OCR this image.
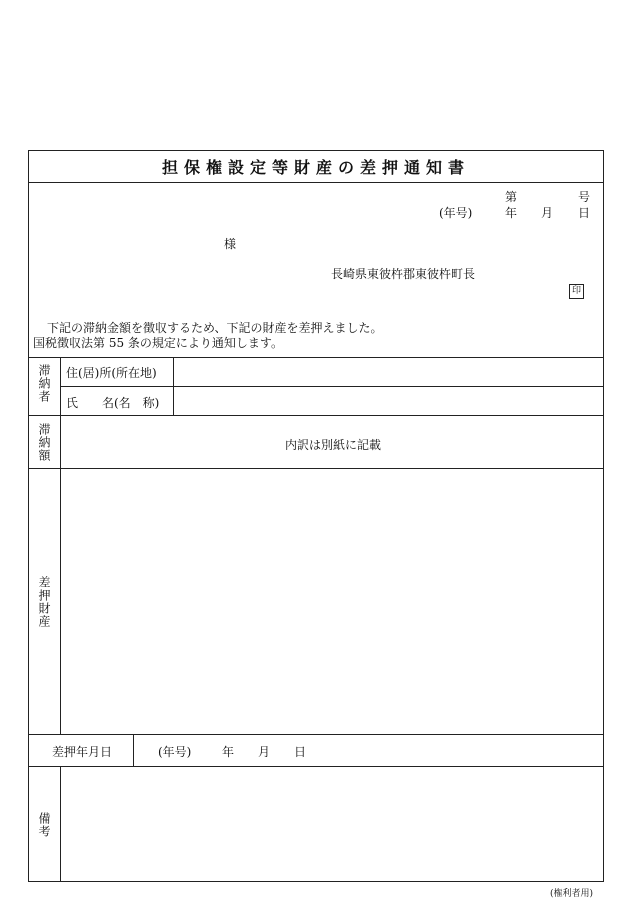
担保権設定等財産の差押通知書
第	号
(年号)	年 月 日
様
長崎県東彼杵郡東彼杵町長
印
下記の滞納金額を徴収するため、下記の財産を差押えました。
国税徴収法第 55 条の規定により通知します。
滞納者 住(居)所(所在地)
氏　　名(名　称)
滞納額	内訳は別紙に記載
差押財産
差押年月日	(年号)	年 月 日
備考
(権利者用)
